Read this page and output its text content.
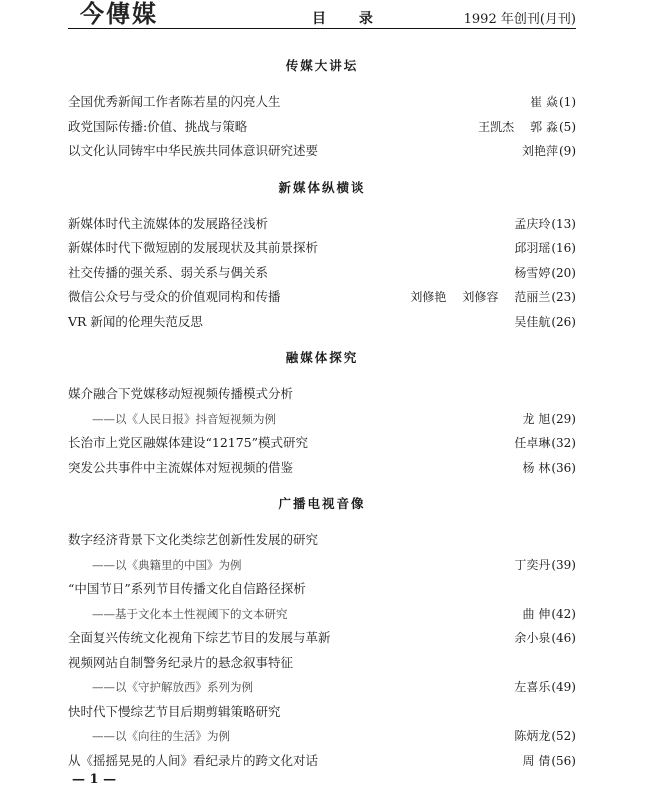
今傳媒	目 录	1992 年创刊(月刊)
传媒大讲坛
全国优秀新闻工作者陈若星的闪亮人生	崔 焱(1)
政党国际传播:价值、挑战与策略	王凯杰 郭 淼(5)
以文化认同铸牢中华民族共同体意识研究述要	刘艳萍(9)
新媒体纵横谈
新媒体时代主流媒体的发展路径浅析	孟庆玲(13)
新媒体时代下微短剧的发展现状及其前景探析	邱羽瑶(16)
社交传播的强关系、弱关系与偶关系	杨雪婷(20)
微信公众号与受众的价值观同构和传播	刘修艳 刘修容 范丽兰(23)
VR 新闻的伦理失范反思	吴佳航(26)
融媒体探究
媒介融合下党媒移动短视频传播模式分析
——以《人民日报》抖音短视频为例	龙 旭(29)
长治市上党区融媒体建设“12175”模式研究	任卓琳(32)
突发公共事件中主流媒体对短视频的借鉴	杨 林(36)
广播电视音像
数字经济背景下文化类综艺创新性发展的研究
——以《典籍里的中国》为例	丁奕丹(39)
“中国节日”系列节目传播文化自信路径探析
——基于文化本土性视阈下的文本研究	曲 伸(42)
全面复兴传统文化视角下综艺节目的发展与革新	余小泉(46)
视频网站自制警务纪录片的悬念叙事特征
——以《守护解放西》系列为例	左喜乐(49)
快时代下慢综艺节目后期剪辑策略研究
——以《向往的生活》为例	陈炳龙(52)
从《摇摇晃晃的人间》看纪录片的跨文化对话	周 倩(56)
— 1 —
